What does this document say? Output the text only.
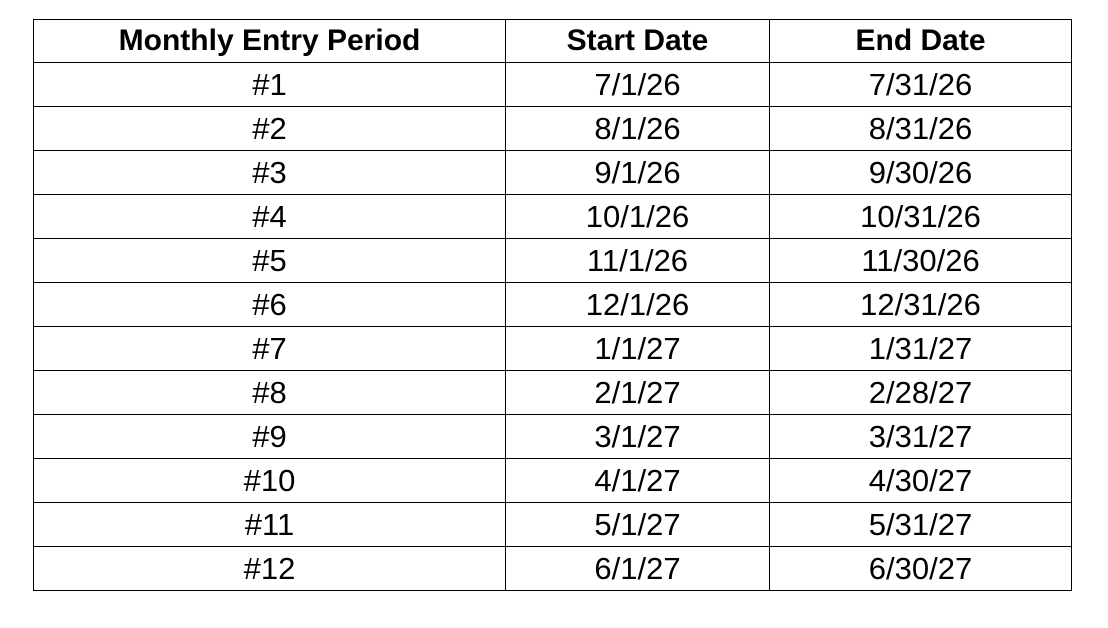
Monthly Entry Period	Start Date	End Date
#1	7/1/26	7/31/26
#2	8/1/26	8/31/26
#3	9/1/26	9/30/26
#4	10/1/26	10/31/26
#5	11/1/26	11/30/26
#6	12/1/26	12/31/26
#7	1/1/27	1/31/27
#8	2/1/27	2/28/27
#9	3/1/27	3/31/27
#10	4/1/27	4/30/27
#11	5/1/27	5/31/27
#12	6/1/27	6/30/27
